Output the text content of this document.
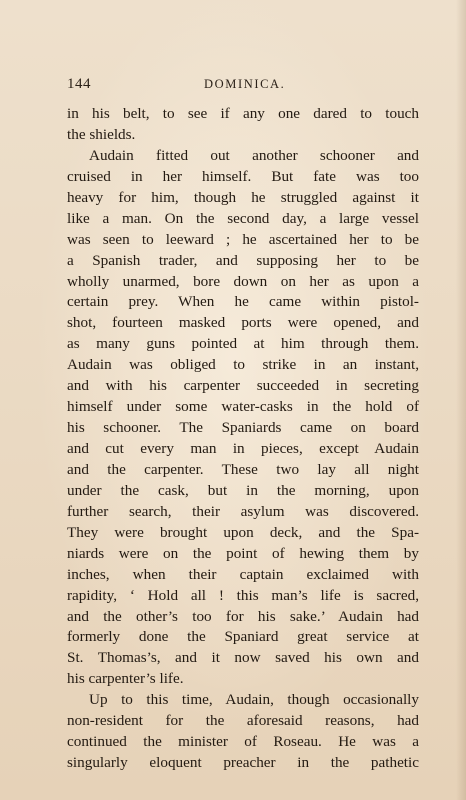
144	DOMINICA.
in his belt, to see if any one dared to touch
the shields.
Audain fitted out another schooner and
cruised in her himself. But fate was too
heavy for him, though he struggled against it
like a man. On the second day, a large vessel
was seen to leeward ; he ascertained her to be
a Spanish trader, and supposing her to be
wholly unarmed, bore down on her as upon a
certain prey. When he came within pistol-
shot, fourteen masked ports were opened, and
as many guns pointed at him through them.
Audain was obliged to strike in an instant,
and with his carpenter succeeded in secreting
himself under some water-casks in the hold of
his schooner. The Spaniards came on board
and cut every man in pieces, except Audain
and the carpenter. These two lay all night
under the cask, but in the morning, upon
further search, their asylum was discovered.
They were brought upon deck, and the Spa-
niards were on the point of hewing them by
inches, when their captain exclaimed with
rapidity, ‘ Hold all ! this man’s life is sacred,
and the other’s too for his sake.’ Audain had
formerly done the Spaniard great service at
St. Thomas’s, and it now saved his own and
his carpenter’s life.
Up to this time, Audain, though occasionally
non-resident for the aforesaid reasons, had
continued the minister of Roseau. He was a
singularly eloquent preacher in the pathetic
